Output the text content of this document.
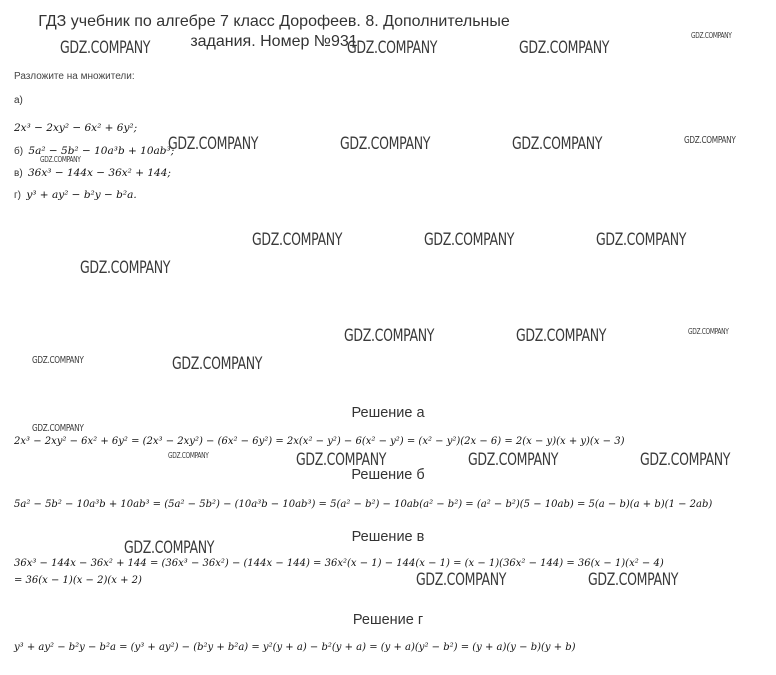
ГДЗ учебник по алгебре 7 класс Дорофеев. 8. Дополнительные задания. Номер №931
Разложите на множители:
а)
2x³ − 2xy² − 6x² + 6y²;
б) 5a² − 5b² − 10a³b + 10ab³;
в) 36x³ − 144x − 36x² + 144;
г) y³ + ay² − b²y − b²a.
Решение а
2x³ − 2xy² − 6x² + 6y² = (2x³ − 2xy²) − (6x² − 6y²) = 2x(x² − y²) − 6(x² − y²) = (x² − y²)(2x − 6) = 2(x − y)(x + y)(x − 3)
Решение б
5a² − 5b² − 10a³b + 10ab³ = (5a² − 5b²) − (10a³b − 10ab³) = 5(a² − b²) − 10ab(a² − b²) = (a² − b²)(5 − 10ab) = 5(a − b)(a + b)(1 − 2ab)
Решение в
36x³ − 144x − 36x² + 144 = (36x³ − 36x²) − (144x − 144) = 36x²(x − 1) − 144(x − 1) = (x − 1)(36x² − 144) = 36(x − 1)(x² − 4)
= 36(x − 1)(x − 2)(x + 2)
Решение г
y³ + ay² − b²y − b²a = (y³ + ay²) − (b²y + b²a) = y²(y + a) − b²(y + a) = (y + a)(y² − b²) = (y + a)(y − b)(y + b)
GDZ.COMPANY	GDZ.COMPANY	GDZ.COMPANY
GDZ.COMPANY
GDZ.COMPANY	GDZ.COMPANY	GDZ.COMPANY	GDZ.COMPANY
GDZ.COMPANY
GDZ.COMPANY	GDZ.COMPANY	GDZ.COMPANY
GDZ.COMPANY
GDZ.COMPANY	GDZ.COMPANY	GDZ.COMPANY
GDZ.COMPANY	GDZ.COMPANY
GDZ.COMPANY
GDZ.COMPANY	GDZ.COMPANY	GDZ.COMPANY	GDZ.COMPANY
GDZ.COMPANY
GDZ.COMPANY	GDZ.COMPANY
